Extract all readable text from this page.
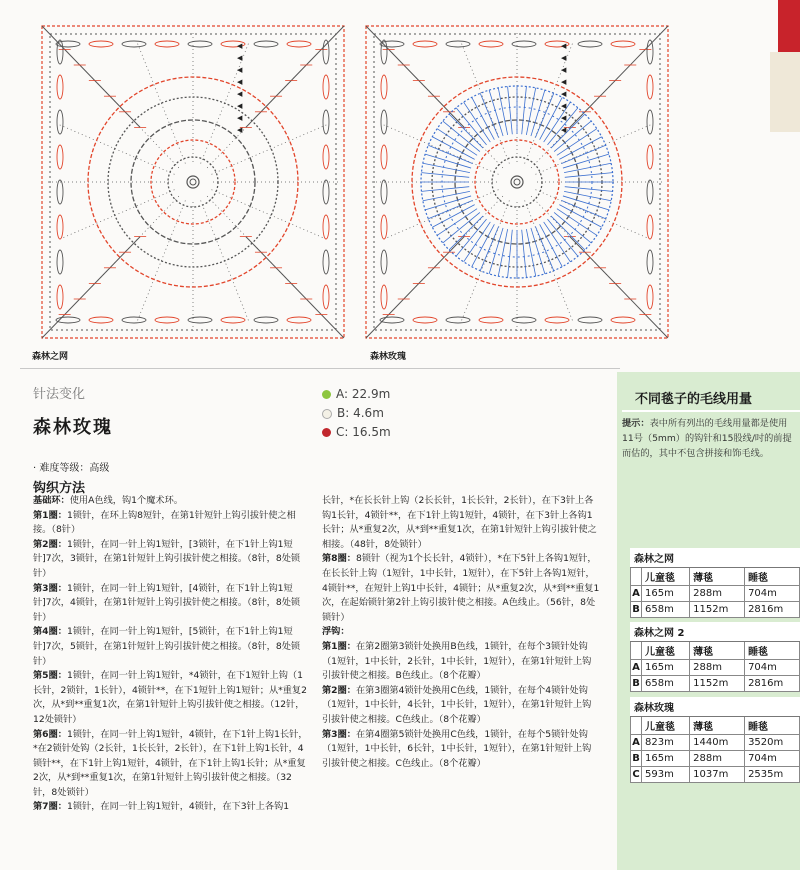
◀
◀
◀
◀
◀
◀
◀
◀
◀
◀
◀
◀
◀
◀
◀
◀
森林之网	森林玫瑰
针法变化
森林玫瑰
A:
22.9m
B:
4.6m
C:
16.5m
· 难度等级：高级
钩织方法

基础环：使用A色线，钩1个魔术环。

第1圈：1锁针，在环上钩8短针，在第1针短针上钩引拔针使之相接。（8针）

第2圈：1锁针，在同一针上钩1短针，[3锁针，在下1针上钩1短针]7次，3锁针，在第1针短针上钩引拔针使之相接。（8针，8处锁针）

第3圈：1锁针，在同一针上钩1短针，[4锁针，在下1针上钩1短针]7次，4锁针，在第1针短针上钩引拔针使之相接。（8针，8处锁针）

第4圈：1锁针，在同一针上钩1短针，[5锁针，在下1针上钩1短针]7次，5锁针，在第1针短针上钩引拔针使之相接。（8针，8处锁针）

第5圈：1锁针，在同一针上钩1短针，*4锁针，在下1短针上钩（1长针，2锁针，1长针），4锁针**，在下1短针上钩1短针；从*重复2次，从*到**重复1次，在第1针短针上钩引拔针使之相接。（12针，12处锁针）

第6圈：1锁针，在同一针上钩1短针，4锁针，在下1针上钩1长针，*在2锁针处钩（2长针，1长长针，2长针），在下1针上钩1长针，4锁针**，在下1针上钩1短针，4锁针，在下1针上钩1长针；从*重复2次，从*到**重复1次，在第1针短针上钩引拔针使之相接。（32针，8处锁针）

第7圈：1锁针，在同一针上钩1短针，4锁针，在下3针上各钩1

长针，*在长长针上钩（2长长针，1长长针，2长针），在下3针上各钩1长针，4锁针**，在下1针上钩1短针，4锁针，在下3针上各钩1长针；从*重复2次，从*到**重复1次，在第1针短针上钩引拔针使之相接。（48针，8处锁针）

第8圈：8锁针（视为1个长长针，4锁针），*在下5针上各钩1短针，在长长针上钩（1短针，1中长针，1短针），在下5针上各钩1短针，4锁针**，在短针上钩1中长针，4锁针；从*重复2次，从*到**重复1次，在起始锁针第2针上钩引拔针使之相接。A色线止。（56针，8处锁针）

浮钩：

第1圈：在第2圈第3锁针处换用B色线，1锁针，在每个3锁针处钩（1短针，1中长针，2长针，1中长针，1短针），在第1针短针上钩引拔针使之相接。B色线止。（8个花瓣）

第2圈：在第3圈第4锁针处换用C色线，1锁针，在每个4锁针处钩（1短针，1中长针，4长针，1中长针，1短针），在第1针短针上钩引拔针使之相接。C色线止。（8个花瓣）

第3圈：在第4圈第5锁针处换用C色线，1锁针，在每个5锁针处钩（1短针，1中长针，6长针，1中长针，1短针），在第1针短针上钩引拔针使之相接。C色线止。（8个花瓣）

不同毯子的毛线用量
提示：表中所有列出的毛线用量都是使用11号（5mm）的钩针和15股线/吋的前提而估的，其中不包含拼接和饰毛线。
森林之网
	儿童毯	薄毯	睡毯
A	165m	288m	704m
B	658m	1152m	2816m
森林之网 2
	儿童毯	薄毯	睡毯
A	165m	288m	704m
B	658m	1152m	2816m
森林玫瑰
	儿童毯	薄毯	睡毯
A	823m	1440m	3520m
B	165m	288m	704m
C	593m	1037m	2535m
